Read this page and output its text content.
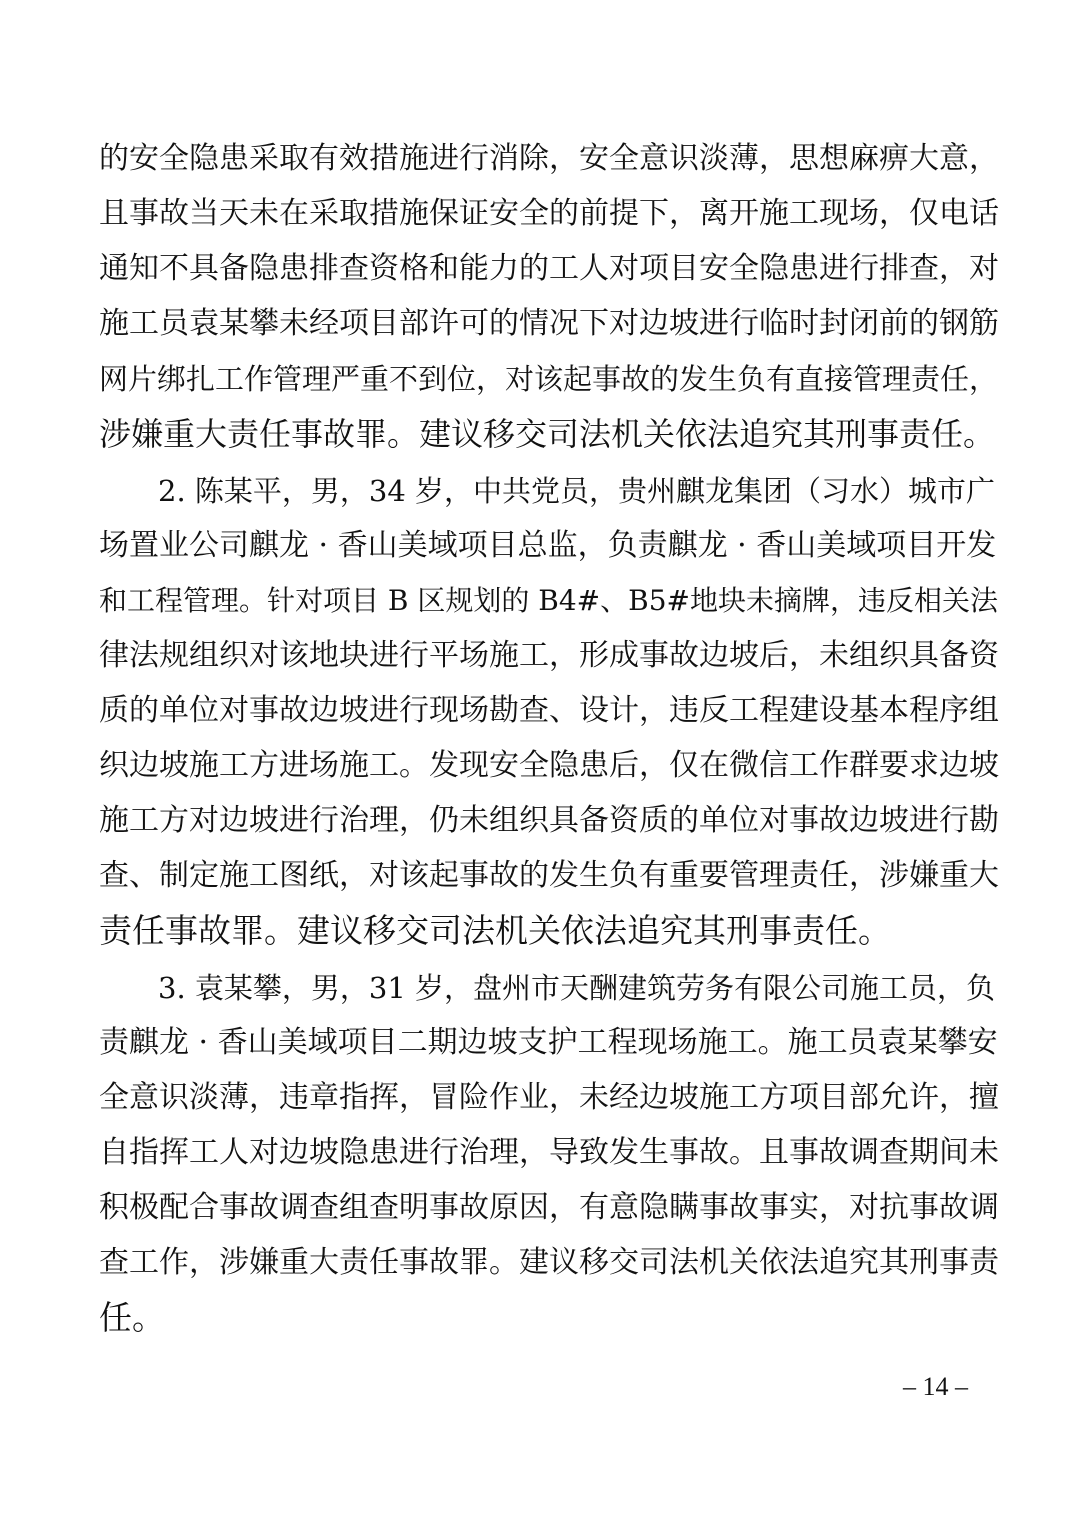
的安全隐患采取有效措施进行消除，安全意识淡薄，思想麻痹大意，
且事故当天未在采取措施保证安全的前提下，离开施工现场，仅电话
通知不具备隐患排查资格和能力的工人对项目安全隐患进行排查，对
施工员袁某攀未经项目部许可的情况下对边坡进行临时封闭前的钢筋
网片绑扎工作管理严重不到位，对该起事故的发生负有直接管理责任，
涉嫌重大责任事故罪。建议移交司法机关依法追究其刑事责任。
2. 陈某平，男，34 岁，中共党员，贵州麒龙集团（习水）城市广
场置业公司麒龙 · 香山美域项目总监，负责麒龙 · 香山美域项目开发
和工程管理。针对项目 B 区规划的 B4#、B5#地块未摘牌，违反相关法
律法规组织对该地块进行平场施工，形成事故边坡后，未组织具备资
质的单位对事故边坡进行现场勘查、设计，违反工程建设基本程序组
织边坡施工方进场施工。发现安全隐患后，仅在微信工作群要求边坡
施工方对边坡进行治理，仍未组织具备资质的单位对事故边坡进行勘
查、制定施工图纸，对该起事故的发生负有重要管理责任，涉嫌重大
责任事故罪。建议移交司法机关依法追究其刑事责任。
3. 袁某攀，男，31 岁，盘州市天酬建筑劳务有限公司施工员，负
责麒龙 · 香山美域项目二期边坡支护工程现场施工。施工员袁某攀安
全意识淡薄，违章指挥，冒险作业，未经边坡施工方项目部允许，擅
自指挥工人对边坡隐患进行治理，导致发生事故。且事故调查期间未
积极配合事故调查组查明事故原因，有意隐瞒事故事实，对抗事故调
查工作，涉嫌重大责任事故罪。建议移交司法机关依法追究其刑事责
任。
– 14 –
